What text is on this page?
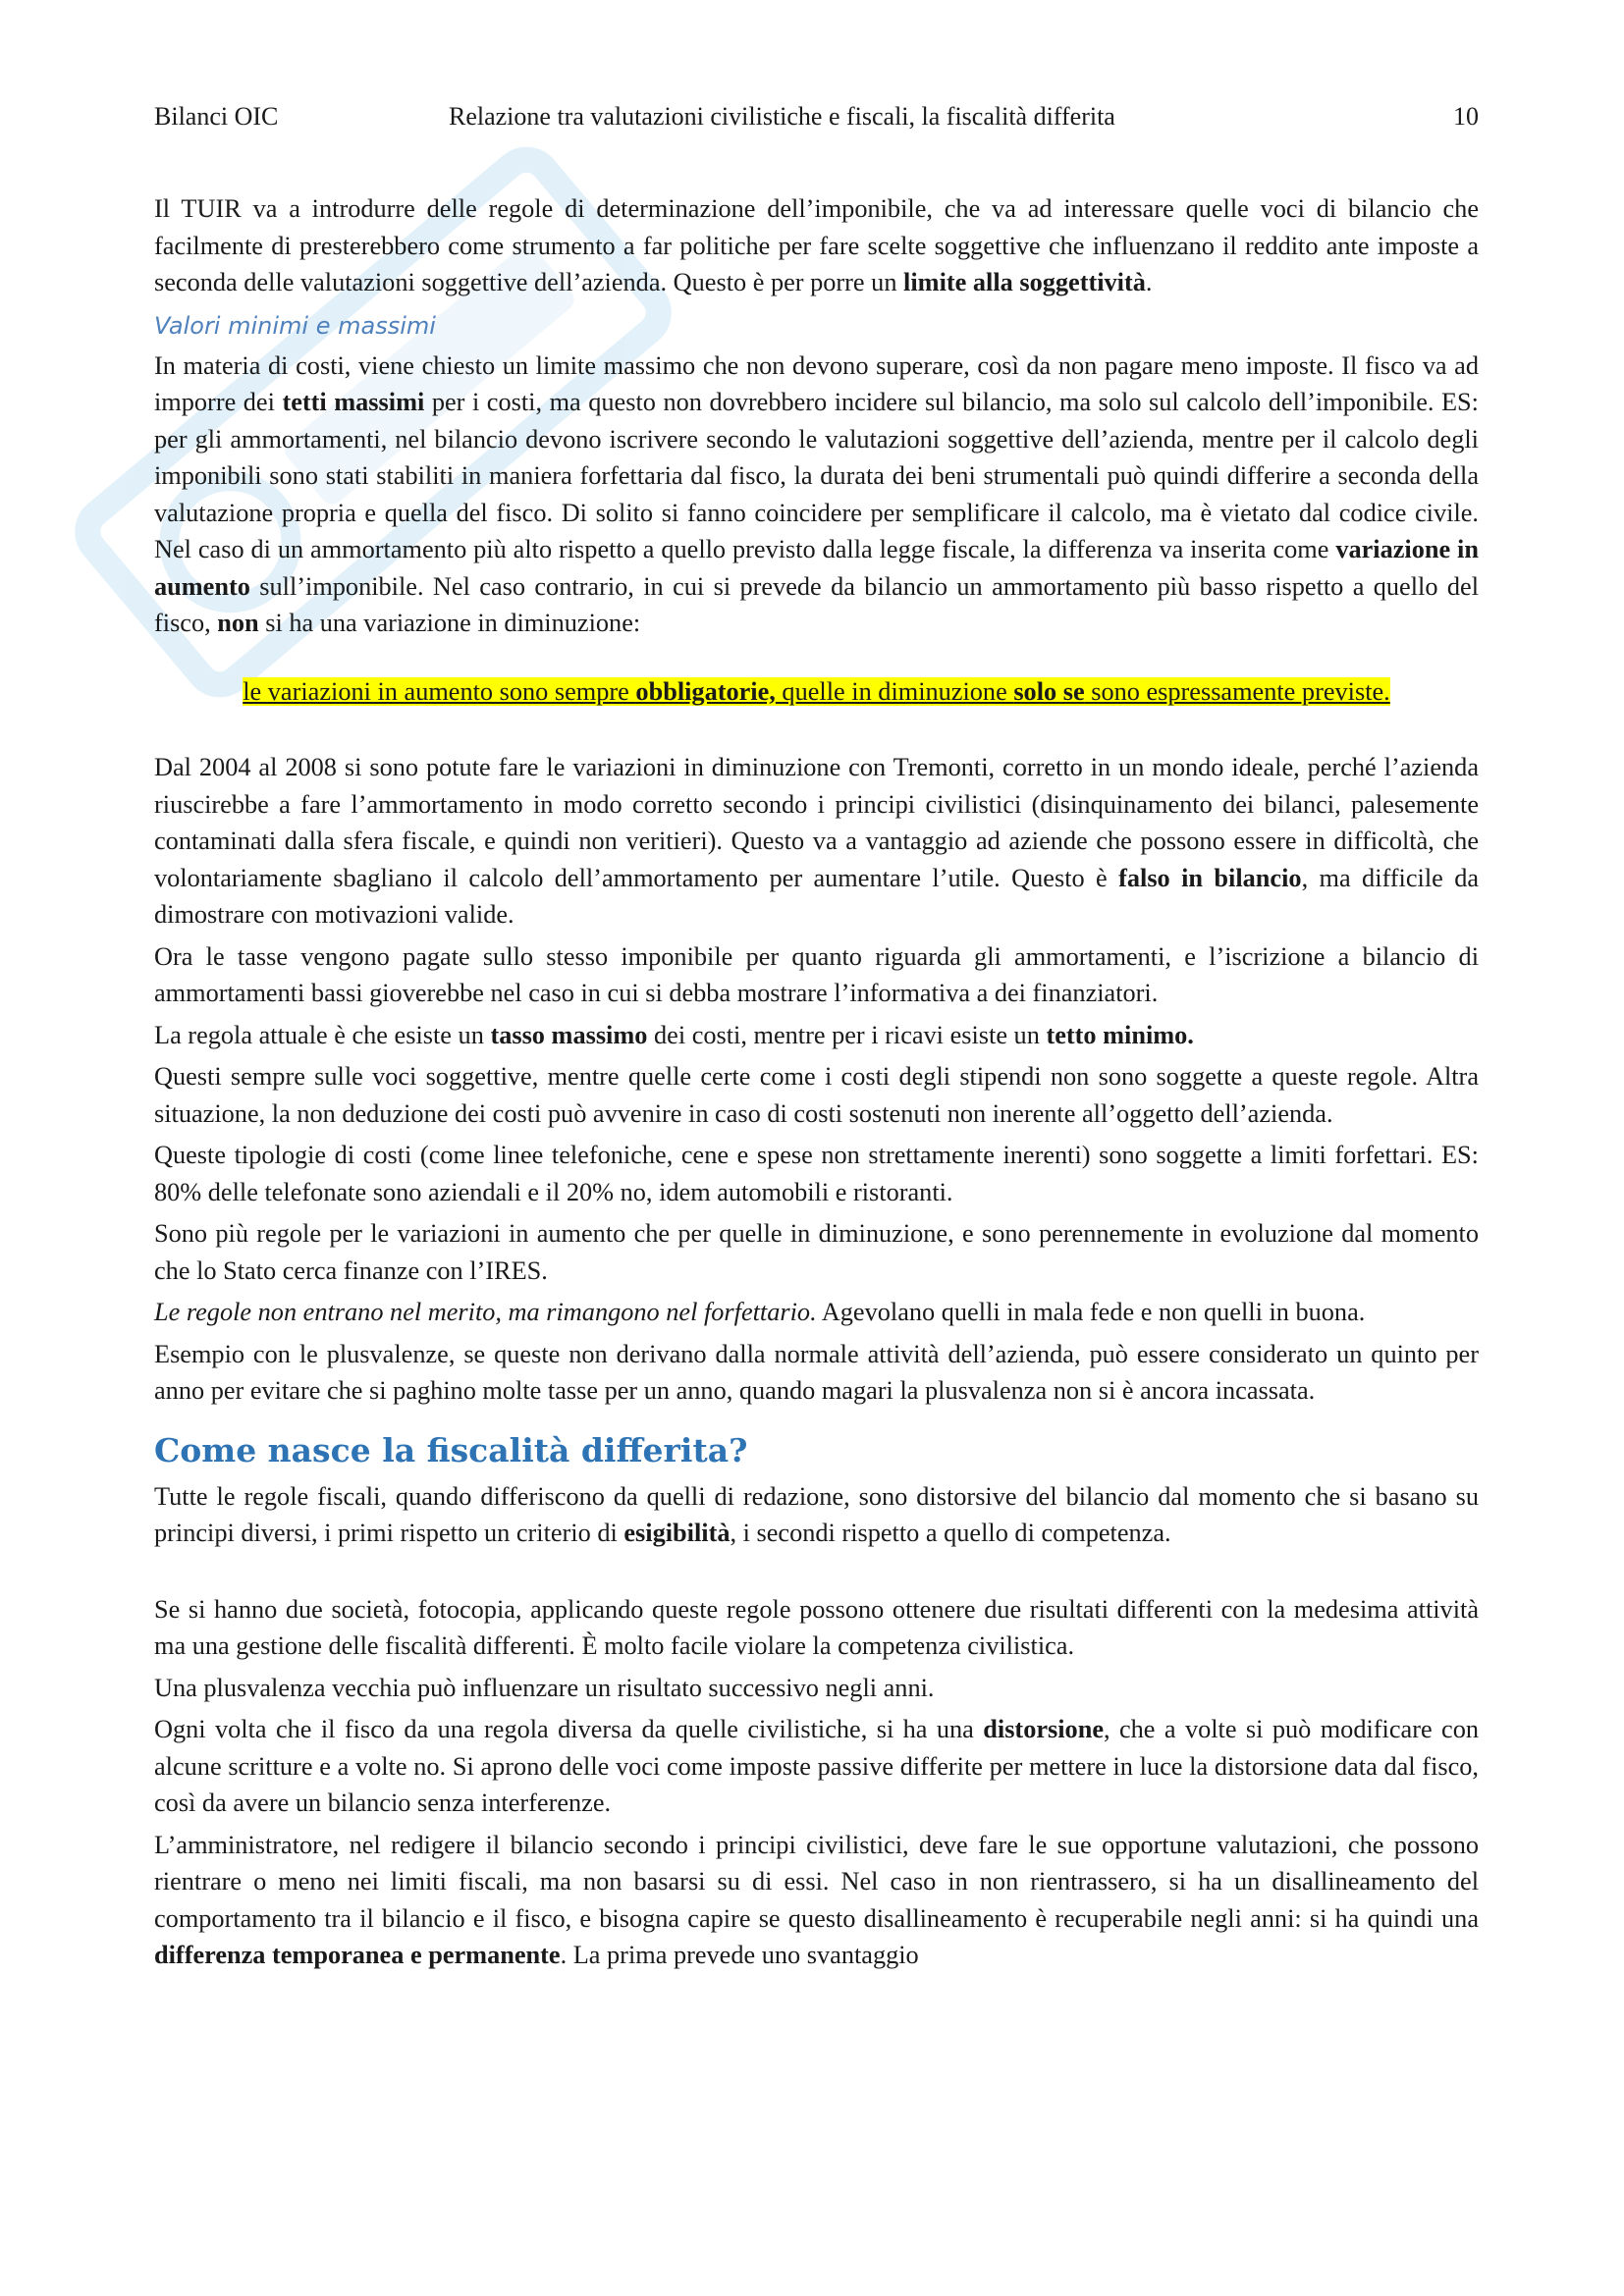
Bilanci OIC	Relazione tra valutazioni civilistiche e fiscali, la fiscalità differita	10

Il TUIR va a introdurre delle regole di determinazione dell’imponibile, che va ad interessare quelle voci di bilancio che facilmente di presterebbero come strumento a far politiche per fare scelte soggettive che influenzano il reddito ante imposte a seconda delle valutazioni soggettive dell’azienda. Questo è per porre un limite alla soggettività.

Valori minimi e massimi

In materia di costi, viene chiesto un limite massimo che non devono superare, così da non pagare meno imposte. Il fisco va ad imporre dei tetti massimi per i costi, ma questo non dovrebbero incidere sul bilancio, ma solo sul calcolo dell’imponibile. ES: per gli ammortamenti, nel bilancio devono iscrivere secondo le valutazioni soggettive dell’azienda, mentre per il calcolo degli imponibili sono stati stabiliti in maniera forfettaria dal fisco, la durata dei beni strumentali può quindi differire a seconda della valutazione propria e quella del fisco. Di solito si fanno coincidere per semplificare il calcolo, ma è vietato dal codice civile. Nel caso di un ammortamento più alto rispetto a quello previsto dalla legge fiscale, la differenza va inserita come variazione in aumento sull’imponibile. Nel caso contrario, in cui si prevede da bilancio un ammortamento più basso rispetto a quello del fisco, non si ha una variazione in diminuzione:

le variazioni in aumento sono sempre obbligatorie, quelle in diminuzione solo se sono espressamente previste.

Dal 2004 al 2008 si sono potute fare le variazioni in diminuzione con Tremonti, corretto in un mondo ideale, perché l’azienda riuscirebbe a fare l’ammortamento in modo corretto secondo i principi civilistici (disinquinamento dei bilanci, palesemente contaminati dalla sfera fiscale, e quindi non veritieri). Questo va a vantaggio ad aziende che possono essere in difficoltà, che volontariamente sbagliano il calcolo dell’ammortamento per aumentare l’utile. Questo è falso in bilancio, ma difficile da dimostrare con motivazioni valide.

Ora le tasse vengono pagate sullo stesso imponibile per quanto riguarda gli ammortamenti, e l’iscrizione a bilancio di ammortamenti bassi gioverebbe nel caso in cui si debba mostrare l’informativa a dei finanziatori.

La regola attuale è che esiste un tasso massimo dei costi, mentre per i ricavi esiste un tetto minimo.

Questi sempre sulle voci soggettive, mentre quelle certe come i costi degli stipendi non sono soggette a queste regole. Altra situazione, la non deduzione dei costi può avvenire in caso di costi sostenuti non inerente all’oggetto dell’azienda.

Queste tipologie di costi (come linee telefoniche, cene e spese non strettamente inerenti) sono soggette a limiti forfettari. ES: 80% delle telefonate sono aziendali e il 20% no, idem automobili e ristoranti.

Sono più regole per le variazioni in aumento che per quelle in diminuzione, e sono perennemente in evoluzione dal momento che lo Stato cerca finanze con l’IRES.

Le regole non entrano nel merito, ma rimangono nel forfettario. Agevolano quelli in mala fede e non quelli in buona.

Esempio con le plusvalenze, se queste non derivano dalla normale attività dell’azienda, può essere considerato un quinto per anno per evitare che si paghino molte tasse per un anno, quando magari la plusvalenza non si è ancora incassata.

Come nasce la fiscalità differita?

Tutte le regole fiscali, quando differiscono da quelli di redazione, sono distorsive del bilancio dal momento che si basano su principi diversi, i primi rispetto un criterio di esigibilità, i secondi rispetto a quello di competenza.

Se si hanno due società, fotocopia, applicando queste regole possono ottenere due risultati differenti con la medesima attività ma una gestione delle fiscalità differenti. È molto facile violare la competenza civilistica.

Una plusvalenza vecchia può influenzare un risultato successivo negli anni.

Ogni volta che il fisco da una regola diversa da quelle civilistiche, si ha una distorsione, che a volte si può modificare con alcune scritture e a volte no. Si aprono delle voci come imposte passive differite per mettere in luce la distorsione data dal fisco, così da avere un bilancio senza interferenze.

L’amministratore, nel redigere il bilancio secondo i principi civilistici, deve fare le sue opportune valutazioni, che possono rientrare o meno nei limiti fiscali, ma non basarsi su di essi. Nel caso in non rientrassero, si ha un disallineamento del comportamento tra il bilancio e il fisco, e bisogna capire se questo disallineamento è recuperabile negli anni: si ha quindi una differenza temporanea e permanente. La prima prevede uno svantaggio
